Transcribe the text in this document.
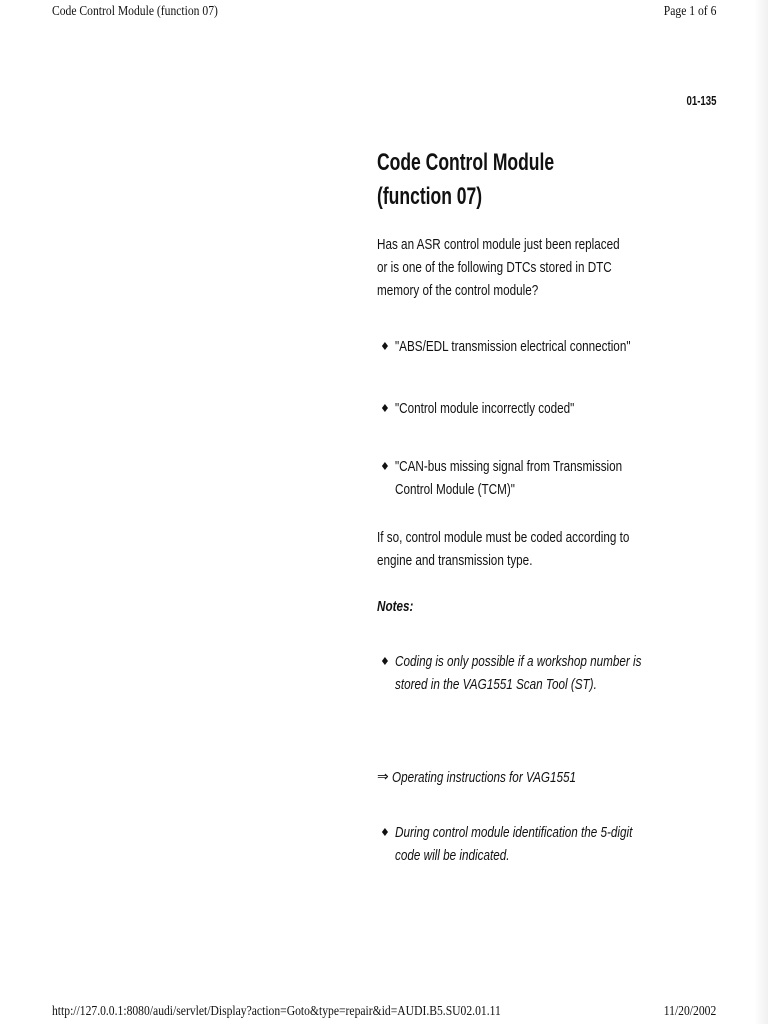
Code Control Module (function 07)	Page 1 of 6
01-135
Code Control Module
(function 07)
Has an ASR control module just been replaced
or is one of the following DTCs stored in DTC
memory of the control module?
♦ "ABS/EDL transmission electrical connection"
♦ "Control module incorrectly coded"
♦ "CAN-bus missing signal from Transmission
Control Module (TCM)"
If so, control module must be coded according to
engine and transmission type.
Notes:
♦ Coding is only possible if a workshop number is
stored in the VAG1551 Scan Tool (ST).
⇒ Operating instructions for VAG1551
♦ During control module identification the 5-digit
code will be indicated.
http://127.0.0.1:8080/audi/servlet/Display?action=Goto&type=repair&id=AUDI.B5.SU02.01.11	11/20/2002
